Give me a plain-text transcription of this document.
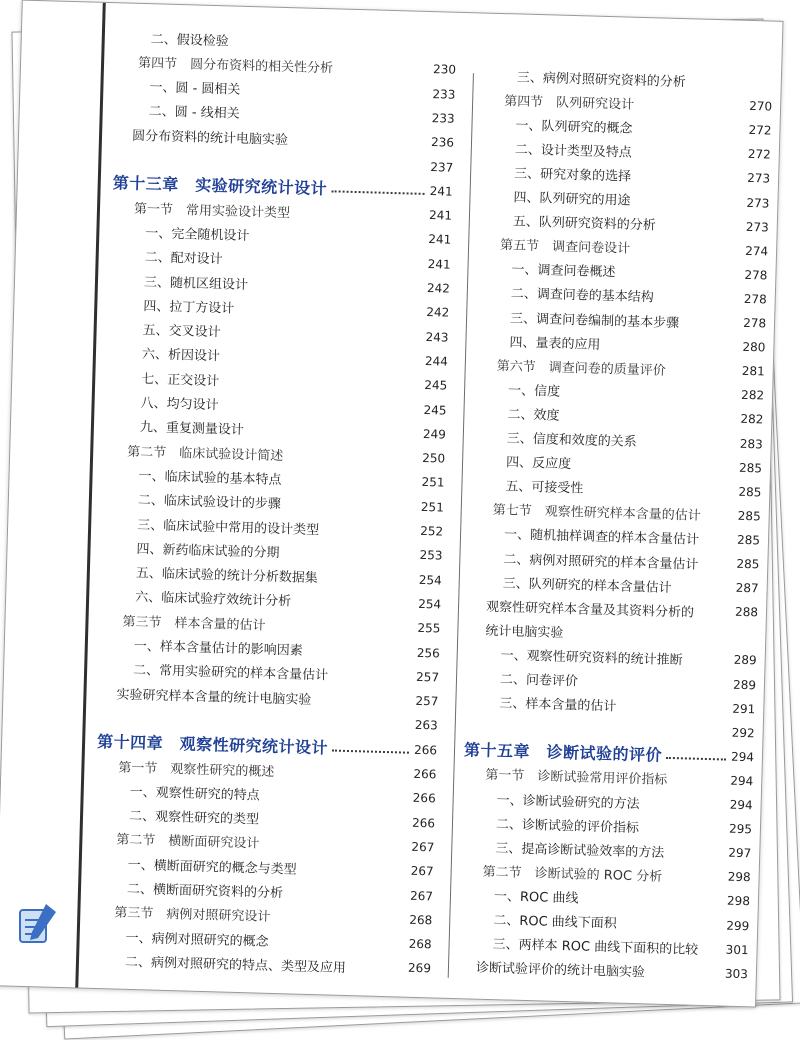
二、假设检验
第四节　圆分布资料的相关性分析	230
一、圆 - 圆相关	233
二、圆 - 线相关	233
圆分布资料的统计电脑实验	236
237
第十三章　实验研究统计设计	241
第一节　常用实验设计类型	241
一、完全随机设计	241
二、配对设计	241
三、随机区组设计	242
四、拉丁方设计	242
五、交叉设计	243
六、析因设计	244
七、正交设计	245
八、均匀设计	245
九、重复测量设计	249
第二节　临床试验设计简述	250
一、临床试验的基本特点	251
二、临床试验设计的步骤	251
三、临床试验中常用的设计类型	252
四、新药临床试验的分期	253
五、临床试验的统计分析数据集	254
六、临床试验疗效统计分析	254
第三节　样本含量的估计	255
一、样本含量估计的影响因素	256
二、常用实验研究的样本含量估计	257
实验研究样本含量的统计电脑实验	257
263
第十四章　观察性研究统计设计	266
第一节　观察性研究的概述	266
一、观察性研究的特点	266
二、观察性研究的类型	266
第二节　横断面研究设计	267
一、横断面研究的概念与类型	267
二、横断面研究资料的分析	267
第三节　病例对照研究设计	268
一、病例对照研究的概念	268
二、病例对照研究的特点、类型及应用	269
三、病例对照研究资料的分析
第四节　队列研究设计	270
一、队列研究的概念	272
二、设计类型及特点	272
三、研究对象的选择	273
四、队列研究的用途	273
五、队列研究资料的分析	273
第五节　调查问卷设计	274
一、调查问卷概述	278
二、调查问卷的基本结构	278
三、调查问卷编制的基本步骤	278
四、量表的应用	280
第六节　调查问卷的质量评价	281
一、信度	282
二、效度	282
三、信度和效度的关系	283
四、反应度	285
五、可接受性	285
第七节　观察性研究样本含量的估计	285
一、随机抽样调查的样本含量估计	285
二、病例对照研究的样本含量估计	285
三、队列研究的样本含量估计	287
观察性研究样本含量及其资料分析的	288
统计电脑实验
一、观察性研究资料的统计推断	289
二、问卷评价	289
三、样本含量的估计	291
292
第十五章　诊断试验的评价	294
第一节　诊断试验常用评价指标	294
一、诊断试验研究的方法	294
二、诊断试验的评价指标	295
三、提高诊断试验效率的方法	297
第二节　诊断试验的 ROC 分析	298
一、ROC 曲线	298
二、ROC 曲线下面积	299
三、两样本 ROC 曲线下面积的比较 301
诊断试验评价的统计电脑实验	303
